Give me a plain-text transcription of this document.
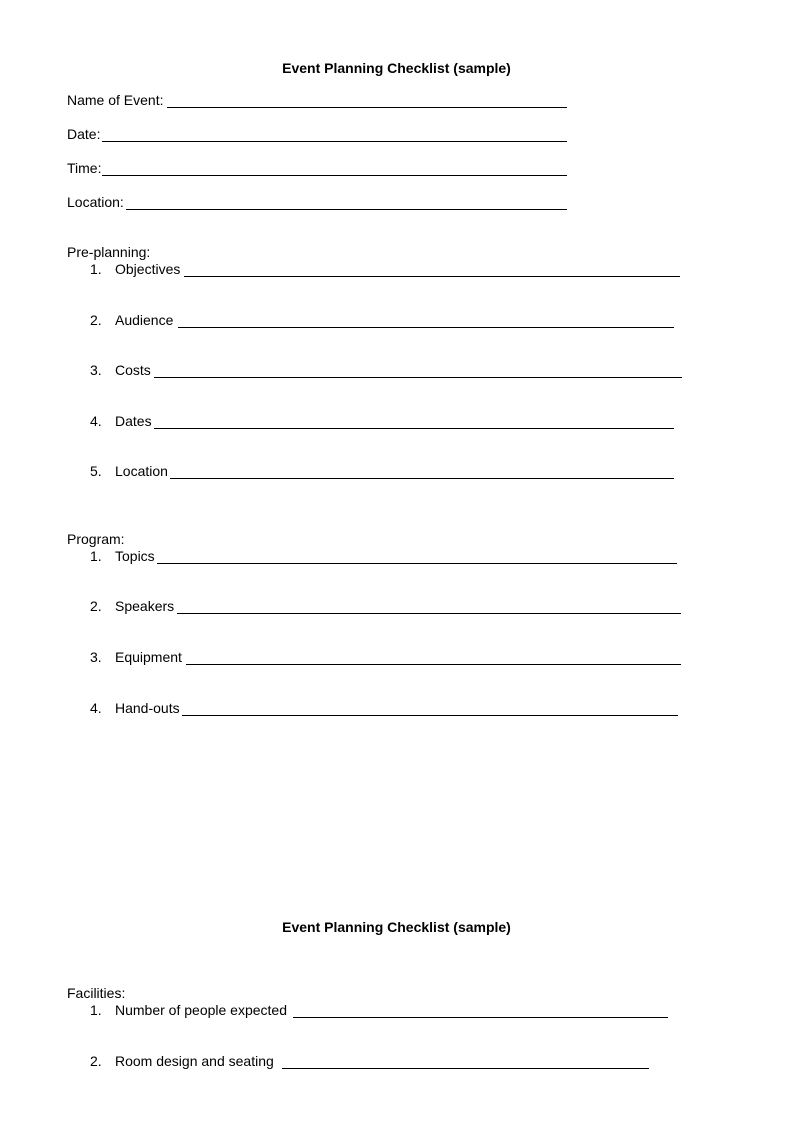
Event Planning Checklist (sample)
Name of Event:
Date:
Time:
Location:
Pre-planning:
1. Objectives
2. Audience
3. Costs
4. Dates
5. Location
Program:
1. Topics
2. Speakers
3. Equipment
4. Hand-outs
Event Planning Checklist (sample)
Facilities:
1. Number of people expected
2. Room design and seating
